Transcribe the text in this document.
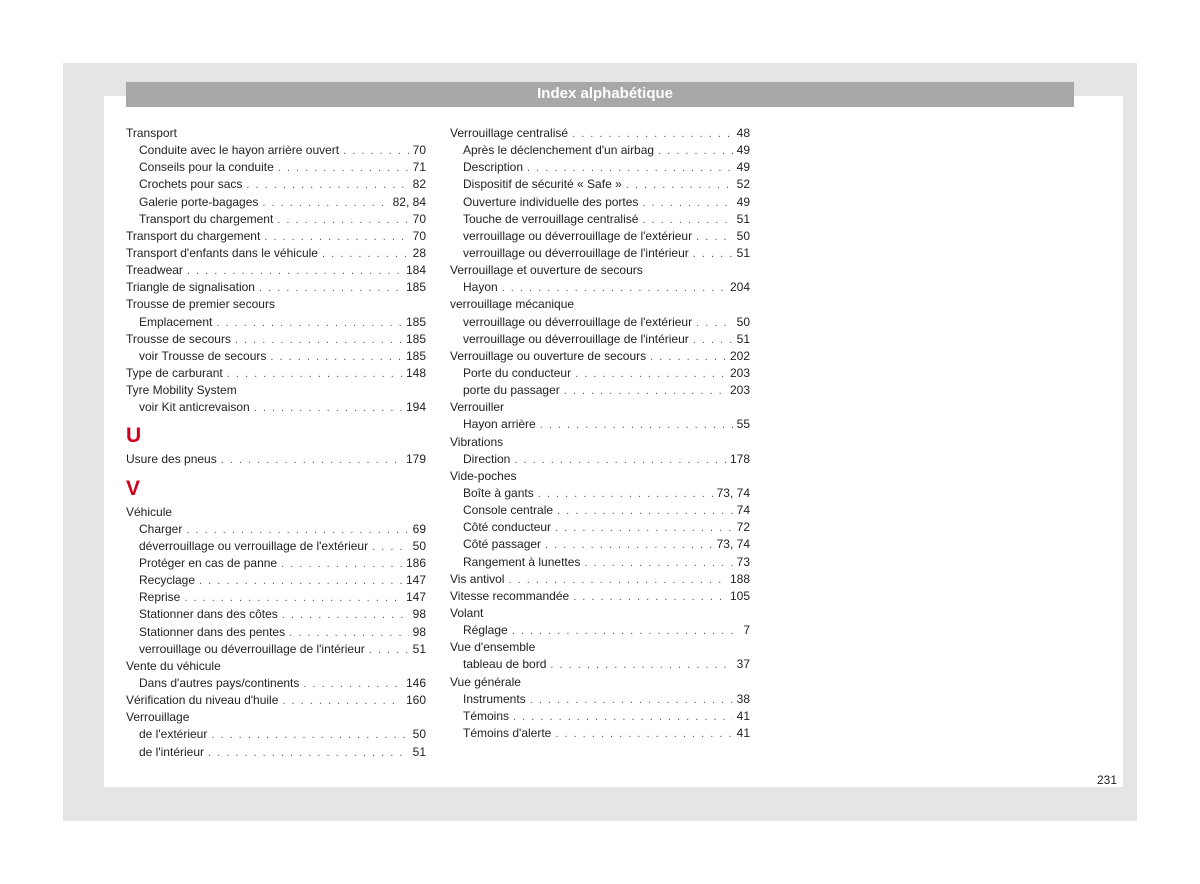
Index alphabétique
Transport
Conduite avec le hayon arrière ouvert . . .	70
Conseils pour la conduite . . .	71
Crochets pour sacs . . .	82
Galerie porte-bagages . . .	82, 84
Transport du chargement . . .	70
Transport du chargement . . .	70
Transport d'enfants dans le véhicule . . .	28
Treadwear . . .	184
Triangle de signalisation . . .	185
Trousse de premier secours
Emplacement . . .	185
Trousse de secours . . .	185
voir Trousse de secours . . .	185
Type de carburant . . .	148
Tyre Mobility System
voir Kit anticrevaison . . .	194
U
Usure des pneus . . .	179
V
Véhicule
Charger . . .	69
déverrouillage ou verrouillage de l'extérieur . . .	50
Protéger en cas de panne . . .	186
Recyclage . . .	147
Reprise . . .	147
Stationner dans des côtes . . .	98
Stationner dans des pentes . . .	98
verrouillage ou déverrouillage de l'intérieur . . .	51
Vente du véhicule
Dans d'autres pays/continents . . .	146
Vérification du niveau d'huile . . .	160
Verrouillage
de l'extérieur . . .	50
de l'intérieur . . .	51
Verrouillage centralisé . . .	48
Après le déclenchement d'un airbag . . .	49
Description . . .	49
Dispositif de sécurité « Safe » . . .	52
Ouverture individuelle des portes . . .	49
Touche de verrouillage centralisé . . .	51
verrouillage ou déverrouillage de l'extérieur . . .	50
verrouillage ou déverrouillage de l'intérieur . . .	51
Verrouillage et ouverture de secours
Hayon . . .	204
verrouillage mécanique
verrouillage ou déverrouillage de l'extérieur . . .	50
verrouillage ou déverrouillage de l'intérieur . . .	51
Verrouillage ou ouverture de secours . . .	202
Porte du conducteur . . .	203
porte du passager . . .	203
Verrouiller
Hayon arrière . . .	55
Vibrations
Direction . . .	178
Vide-poches
Boîte à gants . . .	73, 74
Console centrale . . .	74
Côté conducteur . . .	72
Côté passager . . .	73, 74
Rangement à lunettes . . .	73
Vis antivol . . .	188
Vitesse recommandée . . .	105
Volant
Réglage . . .	7
Vue d'ensemble
tableau de bord . . .	37
Vue générale
Instruments . . .	38
Témoins . . .	41
Témoins d'alerte . . .	41
231
